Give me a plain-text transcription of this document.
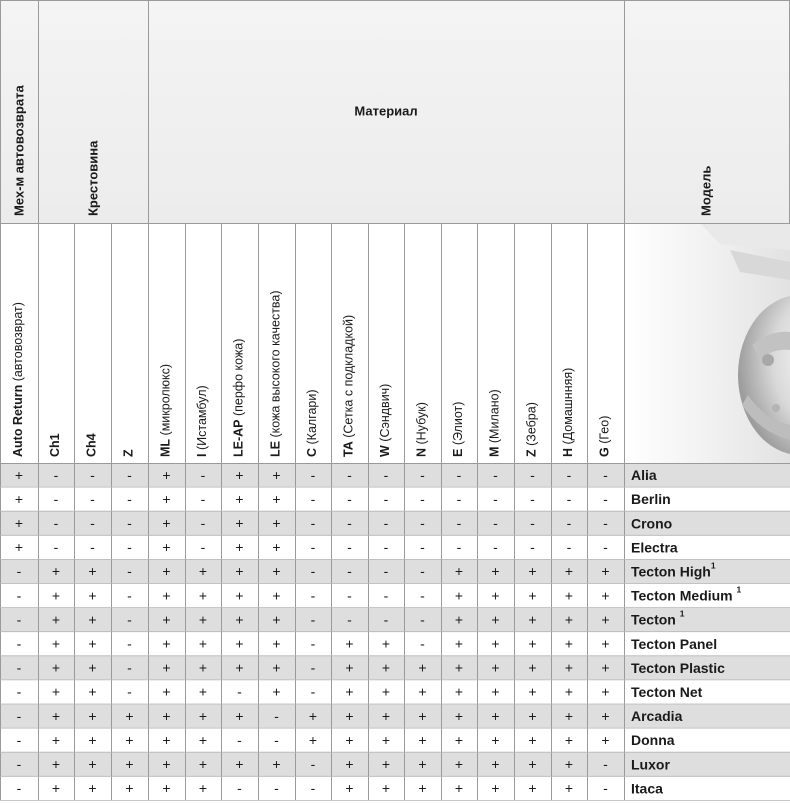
Мех-м автовозврата	Крестовина
Материал
Модель
Auto Return (автовозврат)
Ch1 Ch4 Z ML (микролюкс)
I (Истамбул) LE-AP (перфо кожа)
LE (кожа высокого качества)
C (Калгари)
TA (Сетка с подкладкой)
W (Сэндвич)
N (Нубук)
E (Элиот)
M (Милано)
Z (Зебра)
H (Домашнняя)
G (Гео)
+ - - - + - + + - - - - - - - - - Alia
+ - - - + - + + - - - - - - - - - Berlin
+ - - - + - + + - - - - - - - - - Crono
+ - - - + - + + - - - - - - - - - Electra
- + + - + + + + - - - - + + + + + Tecton High$^1$
- + + - + + + + - - - - + + + + + Tecton Medium $^1$
- + + - + + + + - - - - + + + + + Tecton $^1$
- + + - + + + + - + + - + + + + + Tecton Panel
- + + - + + + + - + + + + + + + + Tecton Plastic
- + + - + + - + - + + + + + + + + Tecton Net
- + + + + + + - + + + + + + + + + Arcadia
- + + + + + - - + + + + + + + + + Donna
- + + + + + + + - + + + + + + + - Luxor
- + + + + + - - - + + + + + + + - Itaca
